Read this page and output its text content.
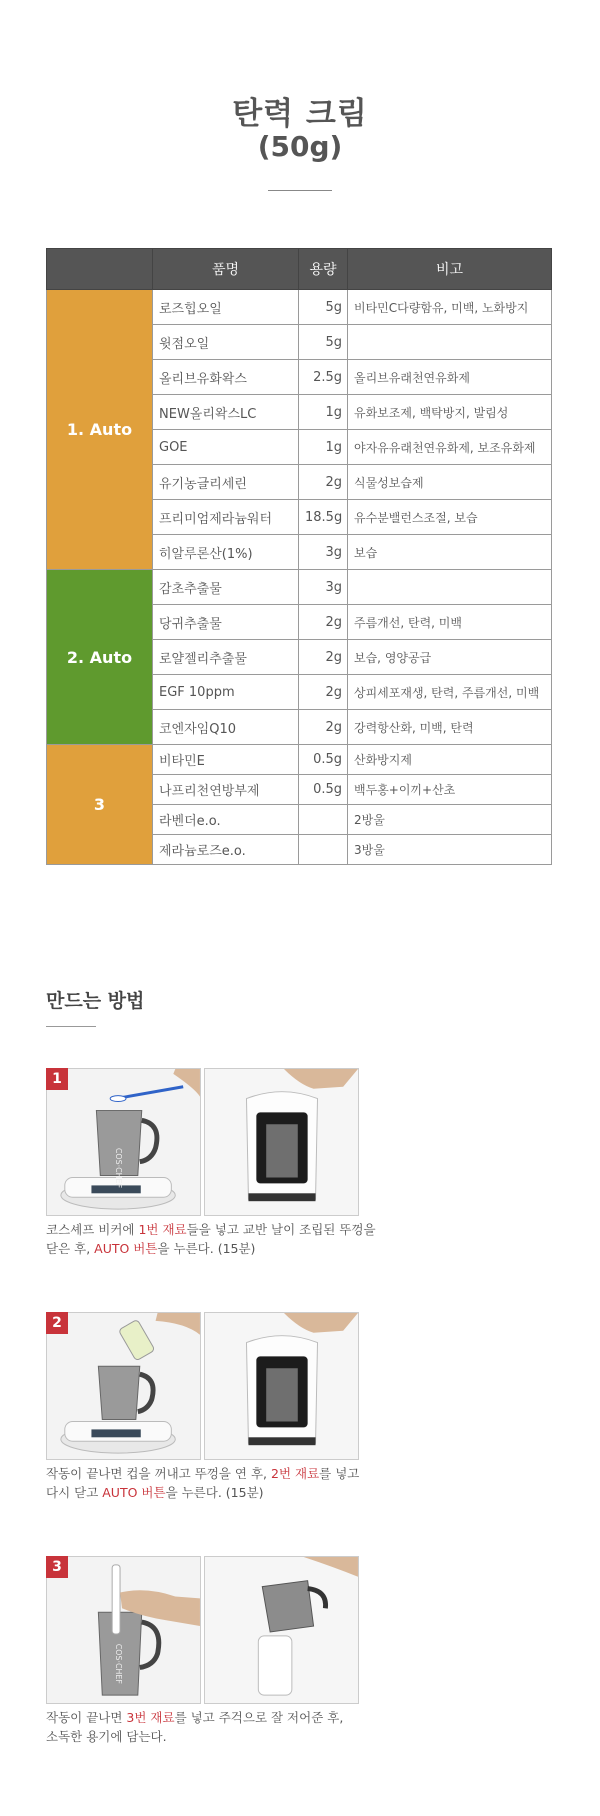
탄력 크림
(50g)
	품명	용량	비고
1. Auto	로즈힙오일	5g	비타민C다량함유, 미백, 노화방지
	윗점오일	5g	
	올리브유화왁스	2.5g	올리브유래천연유화제
	NEW올리왁스LC	1g	유화보조제, 백탁방지, 발림성
	GOE	1g	야자유유래천연유화제, 보조유화제
	유기농글리세린	2g	식물성보습제
	프리미엄제라늄워터	18.5g	유수분밸런스조절, 보습
	히알루론산(1%)	3g	보습
2. Auto	감초추출물	3g	
	당귀추출물	2g	주름개선, 탄력, 미백
	로얄젤리추출물	2g	보습, 영양공급
	EGF 10ppm	2g	상피세포재생, 탄력, 주름개선, 미백
	코엔자임Q10	2g	강력항산화, 미백, 탄력
3	비타민E	0.5g	산화방지제
	나프리천연방부제	0.5g	백두홍+이끼+산초
	라벤더e.o.		2방울
	제라늄로즈e.o.		3방울
만드는 방법
1
COS·CHEF
코스셰프 비커에 1번 재료들을 넣고 교반 날이 조립된 뚜껑을
닫은 후, AUTO 버튼을 누른다. (15분)
2
작동이 끝나면 컵을 꺼내고 뚜껑을 연 후, 2번 재료를 넣고
다시 닫고 AUTO 버튼을 누른다. (15분)
3
COS·CHEF
작동이 끝나면 3번 재료를 넣고 주걱으로 잘 저어준 후,
소독한 용기에 담는다.
